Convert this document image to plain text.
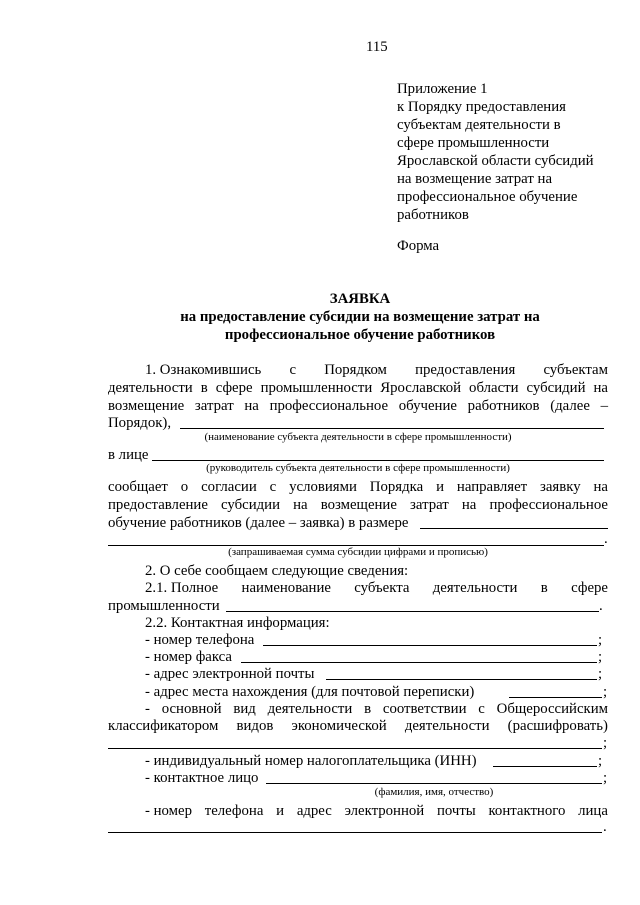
115
Приложение 1
к Порядку предоставления
субъектам деятельности в
сфере промышленности
Ярославской области субсидий
на возмещение затрат на
профессиональное обучение
работников
Форма
ЗАЯВКА
на предоставление субсидии на возмещение затрат на
профессиональное обучение работников
1. Ознакомившись с Порядком предоставления субъектам
деятельности в сфере промышленности Ярославской области субсидий на
возмещение затрат на профессиональное обучение работников (далее –
Порядок),
(наименование субъекта деятельности в сфере промышленности)
в лице
(руководитель субъекта деятельности в сфере промышленности)
сообщает о согласии с условиями Порядка и направляет заявку на
предоставление субсидии на возмещение затрат на профессиональное
обучение работников (далее – заявка) в размере
.
(запрашиваемая сумма субсидии цифрами и прописью)
2. О себе сообщаем следующие сведения:
2.1. Полное наименование субъекта деятельности в сфере
промышленности	.
2.2. Контактная информация:
- номер телефона	;
- номер факса	;
- адрес электронной почты	;
- адрес места нахождения (для почтовой переписки)	;
- основной вид деятельности в соответствии с Общероссийским
классификатором видов экономической деятельности (расшифровать)
;
- индивидуальный номер налогоплательщика (ИНН)	;
- контактное лицо	;
(фамилия, имя, отчество)
- номер телефона и адрес электронной почты контактного лица
.
